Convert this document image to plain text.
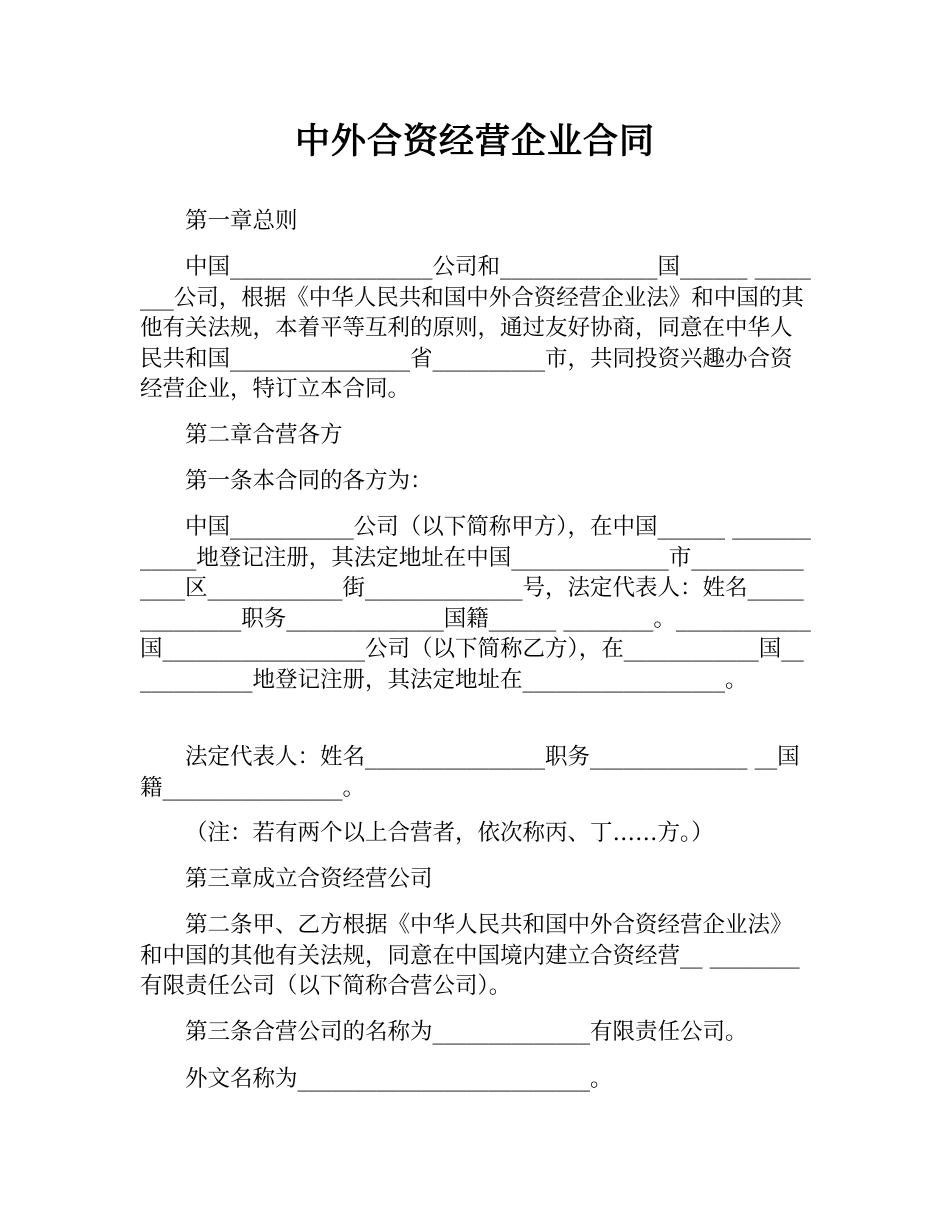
中外合资经营企业合同

第一章总则

中国__________________公司和______________国______ ________公司，根据《中华人民共和国中外合资经营企业法》和中国的其他有关法规，本着平等互利的原则，通过友好协商，同意在中华人民共和国________________省__________市，共同投资兴趣办合资经营企业，特订立本合同。

第二章合营各方

第一条本合同的各方为：

中国___________公司（以下简称甲方），在中国______ ____________地登记注册，其法定地址在中国______________市______________区____________街______________号，法定代表人：姓名______________职务______________国籍______ ________。____________国__________________公司（以下简称乙方），在____________国____________地登记注册，其法定地址在__________________。

法定代表人：姓名________________职务______________ __国籍________________。

（注：若有两个以上合营者，依次称丙、丁……方。）

第三章成立合资经营公司

第二条甲、乙方根据《中华人民共和国中外合资经营企业法》和中国的其他有关法规，同意在中国境内建立合资经营__ ________有限责任公司（以下简称合营公司）。

第三条合营公司的名称为______________有限责任公司。

外文名称为__________________________。
